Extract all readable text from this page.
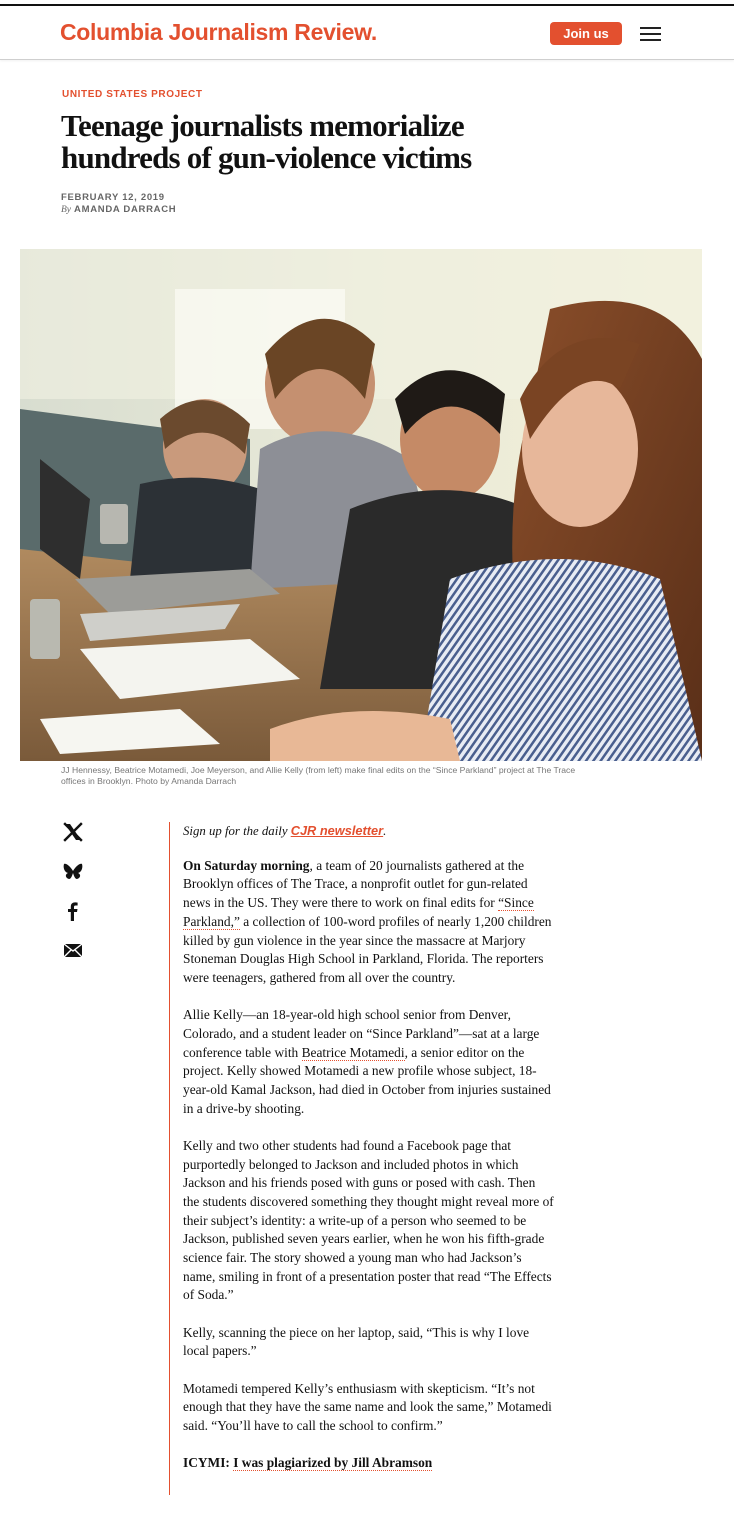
Columbia Journalism Review.	Join us
UNITED STATES PROJECT
Teenage journalists memorialize hundreds of gun-violence victims
FEBRUARY 12, 2019
By AMANDA DARRACH
JJ Hennessy, Beatrice Motamedi, Joe Meyerson, and Allie Kelly (from left) make final edits on the “Since Parkland” project at The Trace offices in Brooklyn. Photo by Amanda Darrach

Sign up for the daily CJR newsletter.

On Saturday morning, a team of 20 journalists gathered at the Brooklyn offices of The Trace, a nonprofit outlet for gun-related news in the US. They were there to work on final edits for “Since Parkland,” a collection of 100-word profiles of nearly 1,200 children killed by gun violence in the year since the massacre at Marjory Stoneman Douglas High School in Parkland, Florida. The reporters were teenagers, gathered from all over the country.

Allie Kelly—an 18-year-old high school senior from Denver, Colorado, and a student leader on “Since Parkland”—sat at a large conference table with Beatrice Motamedi, a senior editor on the project. Kelly showed Motamedi a new profile whose subject, 18-year-old Kamal Jackson, had died in October from injuries sustained in a drive-by shooting.

Kelly and two other students had found a Facebook page that purportedly belonged to Jackson and included photos in which Jackson and his friends posed with guns or posed with cash. Then the students discovered something they thought might reveal more of their subject’s identity: a write-up of a person who seemed to be Jackson, published seven years earlier, when he won his fifth-grade science fair. The story showed a young man who had Jackson’s name, smiling in front of a presentation poster that read “The Effects of Soda.”

Kelly, scanning the piece on her laptop, said, “This is why I love local papers.”

Motamedi tempered Kelly’s enthusiasm with skepticism. “It’s not enough that they have the same name and look the same,” Motamedi said. “You’ll have to call the school to confirm.”

ICYMI: I was plagiarized by Jill Abramson
